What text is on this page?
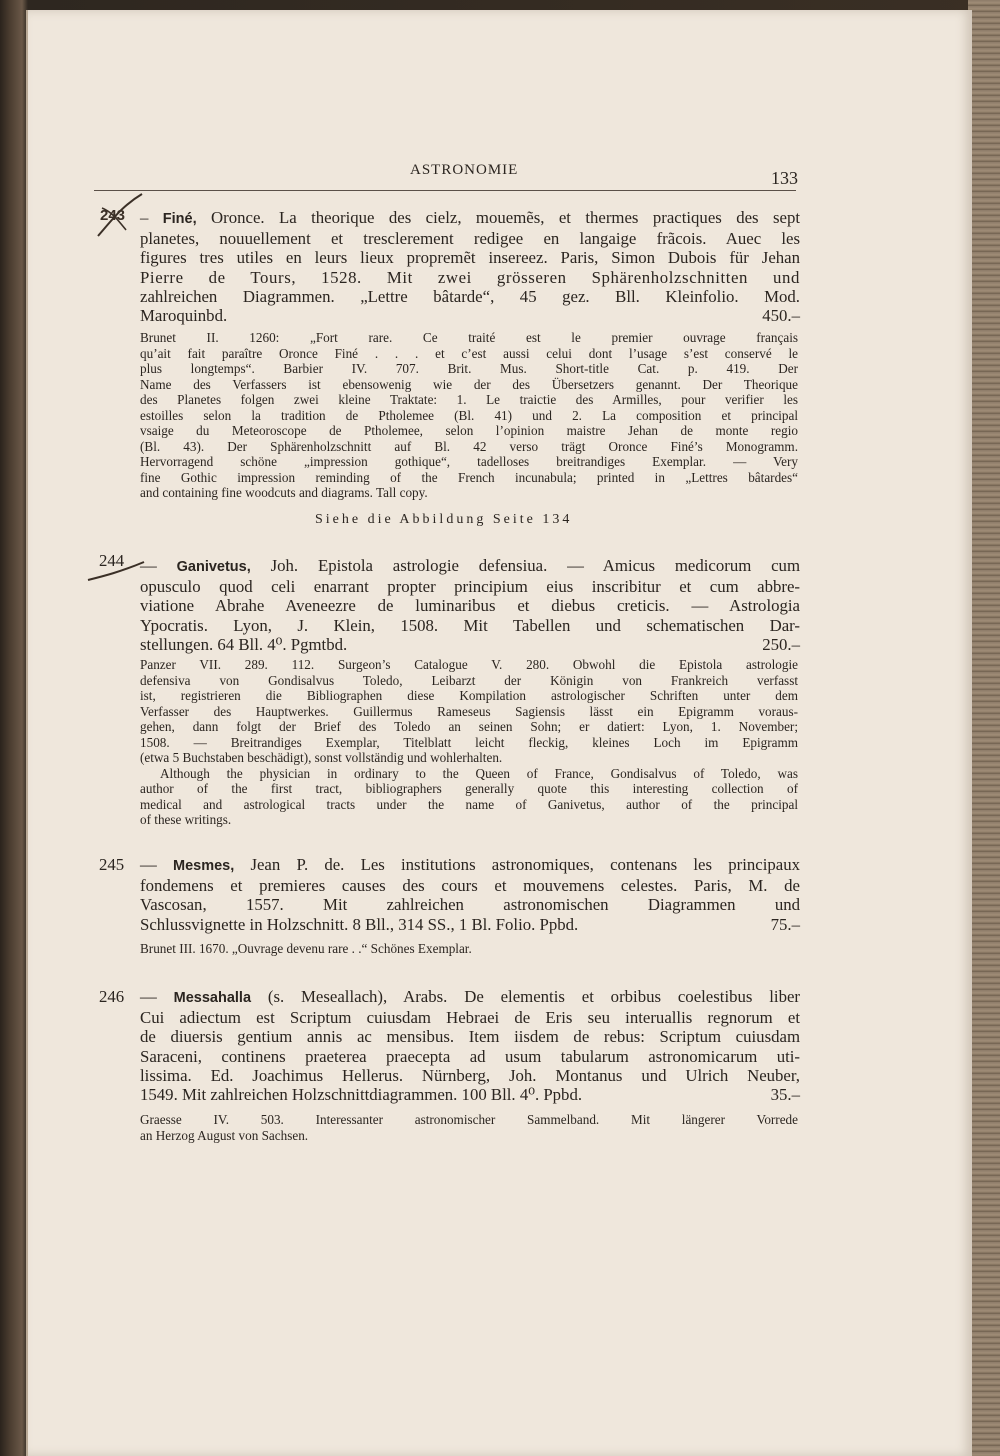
ASTRONOMIE	133
243 – Finé, Oronce. La theorique des cielz, mouemẽs, et thermes practiques des sept
planetes, nouuellement et tresclerement redigee en langaige frãcois. Auec les
figures tres utiles en leurs lieux propremẽt insereez. Paris, Simon Dubois für Jehan
Pierre de Tours, 1528. Mit zwei grösseren Sphärenholzschnitten und
zahlreichen Diagrammen. „Lettre bâtarde“, 45 gez. Bll. Kleinfolio. Mod.
Maroquinbd.	450.–
Brunet II. 1260: „Fort rare. Ce traité est le premier ouvrage français
qu’ait fait paraître Oronce Finé . . . et c’est aussi celui dont l’usage s’est conservé le
plus longtemps“. Barbier IV. 707. Brit. Mus. Short-title Cat. p. 419. Der
Name des Verfassers ist ebensowenig wie der des Übersetzers genannt. Der Theorique
des Planetes folgen zwei kleine Traktate: 1. Le traictie des Armilles, pour verifier les
estoilles selon la tradition de Ptholemee (Bl. 41) und 2. La composition et principal
vsaige du Meteoroscope de Ptholemee, selon l’opinion maistre Jehan de monte regio
(Bl. 43). Der Sphärenholzschnitt auf Bl. 42 verso trägt Oronce Finé’s Monogramm.
Hervorragend schöne „impression gothique“, tadelloses breitrandiges Exemplar. — Very
fine Gothic impression reminding of the French incunabula; printed in „Lettres bâtardes“
and containing fine woodcuts and diagrams. Tall copy.
Siehe die Abbildung Seite 134
244 — Ganivetus, Joh. Epistola astrologie defensiua. — Amicus medicorum cum
opusculo quod celi enarrant propter principium eius inscribitur et cum abbre-
viatione Abrahe Aveneezre de luminaribus et diebus creticis. — Astrologia
Ypocratis. Lyon, J. Klein, 1508. Mit Tabellen und schematischen Dar-
stellungen. 64 Bll. 4⁰. Pgmtbd.	250.–
Panzer VII. 289. 112. Surgeon’s Catalogue V. 280. Obwohl die Epistola astrologie
defensiva von Gondisalvus Toledo, Leibarzt der Königin von Frankreich verfasst
ist, registrieren die Bibliographen diese Kompilation astrologischer Schriften unter dem
Verfasser des Hauptwerkes. Guillermus Rameseus Sagiensis lässt ein Epigramm voraus-
gehen, dann folgt der Brief des Toledo an seinen Sohn; er datiert: Lyon, 1. November;
1508. — Breitrandiges Exemplar, Titelblatt leicht fleckig, kleines Loch im Epigramm
(etwa 5 Buchstaben beschädigt), sonst vollständig und wohlerhalten.
Although the physician in ordinary to the Queen of France, Gondisalvus of Toledo, was
author of the first tract, bibliographers generally quote this interesting collection of
medical and astrological tracts under the name of Ganivetus, author of the principal
of these writings.
245 — Mesmes, Jean P. de. Les institutions astronomiques, contenans les principaux
fondemens et premieres causes des cours et mouvemens celestes. Paris, M. de
Vascosan, 1557. Mit zahlreichen astronomischen Diagrammen und
Schlussvignette in Holzschnitt. 8 Bll., 314 SS., 1 Bl. Folio. Ppbd.	75.–
Brunet III. 1670. „Ouvrage devenu rare . .“ Schönes Exemplar.
246 — Messahalla (s. Meseallach), Arabs. De elementis et orbibus coelestibus liber
Cui adiectum est Scriptum cuiusdam Hebraei de Eris seu interuallis regnorum et
de diuersis gentium annis ac mensibus. Item iisdem de rebus: Scriptum cuiusdam
Saraceni, continens praeterea praecepta ad usum tabularum astronomicarum uti-
lissima. Ed. Joachimus Hellerus. Nürnberg, Joh. Montanus und Ulrich Neuber,
1549. Mit zahlreichen Holzschnittdiagrammen. 100 Bll. 4⁰. Ppbd.	35.–
Graesse IV. 503. Interessanter astronomischer Sammelband. Mit längerer Vorrede
an Herzog August von Sachsen.
